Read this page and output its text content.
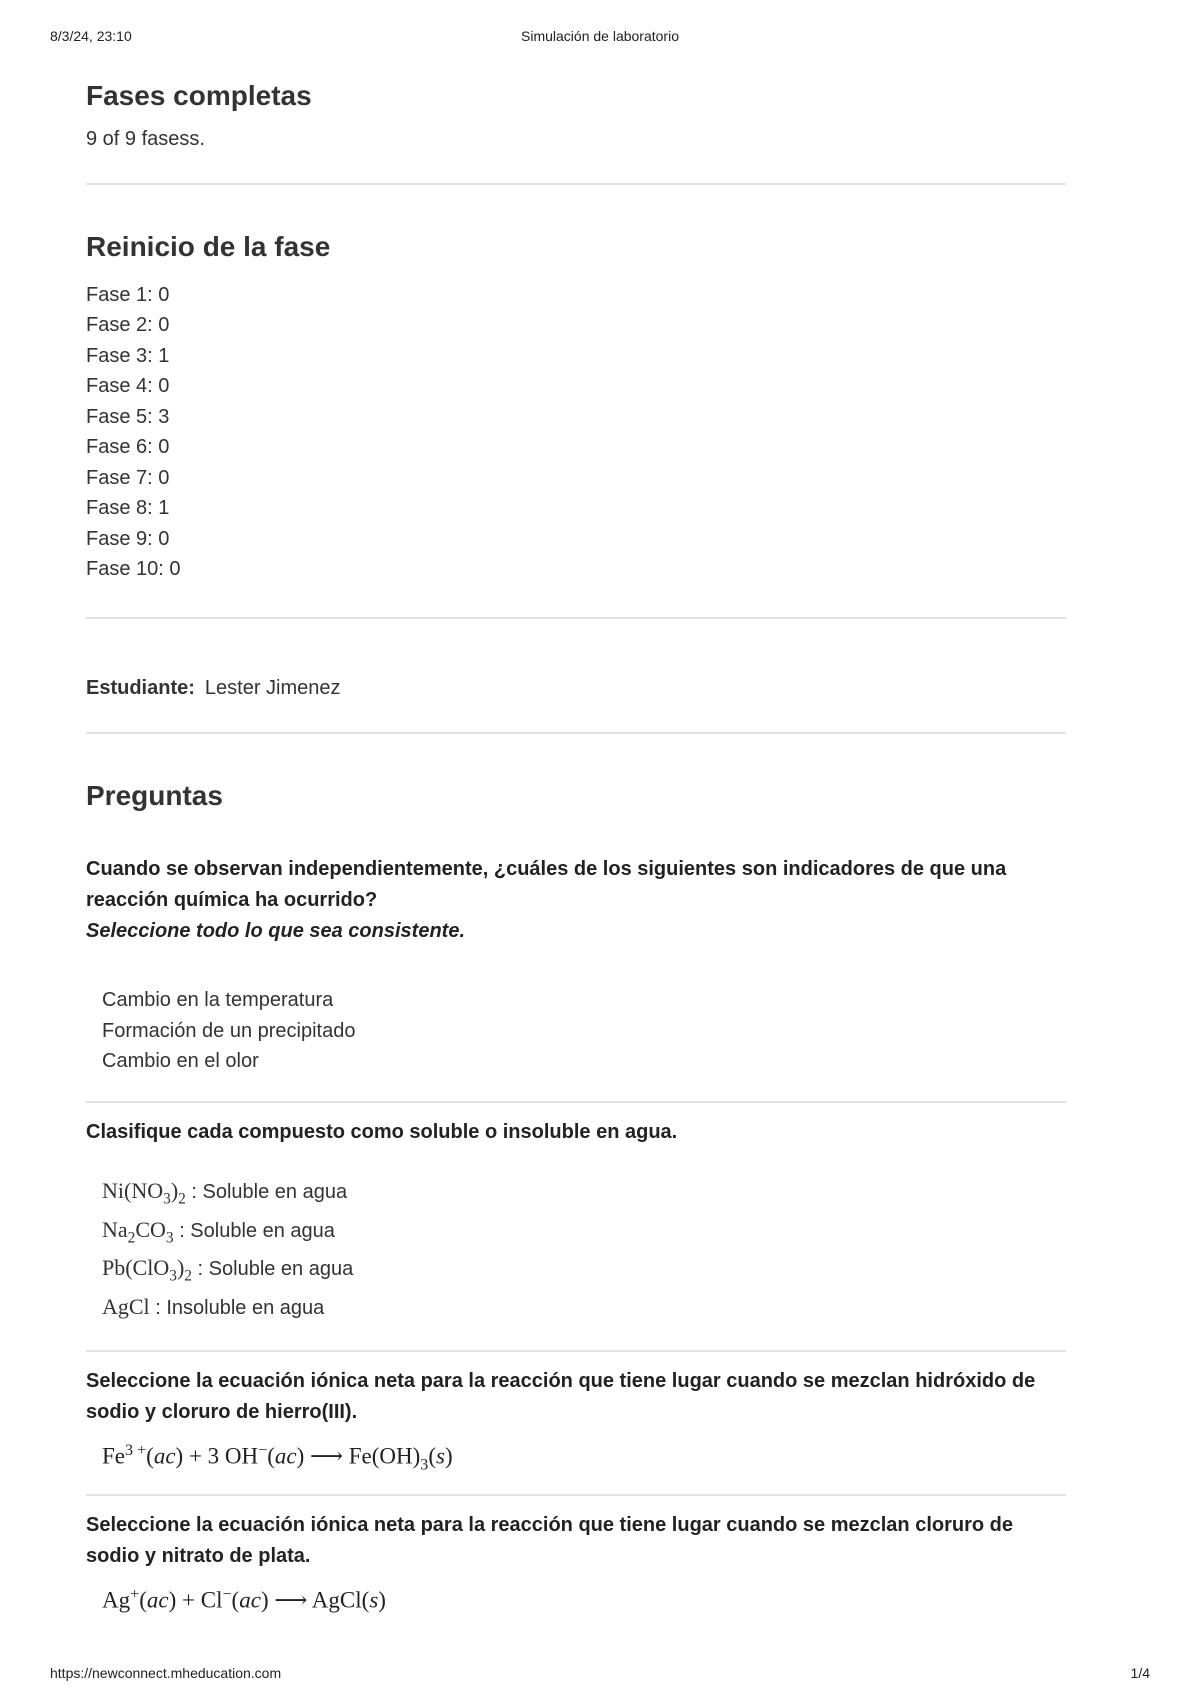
8/3/24, 23:10	Simulación de laboratorio
Fases completas
9 of 9 fasess.
Reinicio de la fase
Fase 1: 0
Fase 2: 0
Fase 3: 1
Fase 4: 0
Fase 5: 3
Fase 6: 0
Fase 7: 0
Fase 8: 1
Fase 9: 0
Fase 10: 0
Estudiante: Lester Jimenez
Preguntas
Cuando se observan independientemente, ¿cuáles de los siguientes son indicadores de que una reacción química ha ocurrido?
Seleccione todo lo que sea consistente.
Cambio en la temperatura
Formación de un precipitado
Cambio en el olor
Clasifique cada compuesto como soluble o insoluble en agua.
$Ni(NO_3)_2$ : Soluble en agua
$Na_2CO_3$ : Soluble en agua
$Pb(ClO_3)_2$ : Soluble en agua
AgCl : Insoluble en agua
Seleccione la ecuación iónica neta para la reacción que tiene lugar cuando se mezclan hidróxido de sodio y cloruro de hierro(III).
$Fe^{3 +}(ac) + 3$ OH−(ac) ⟶ $Fe(OH)_3(s)$
Seleccione la ecuación iónica neta para la reacción que tiene lugar cuando se mezclan cloruro de sodio y nitrato de plata.
Ag+(ac) + Cl−(ac) ⟶ AgCl(s)
https://newconnect.mheducation.com	1/4
